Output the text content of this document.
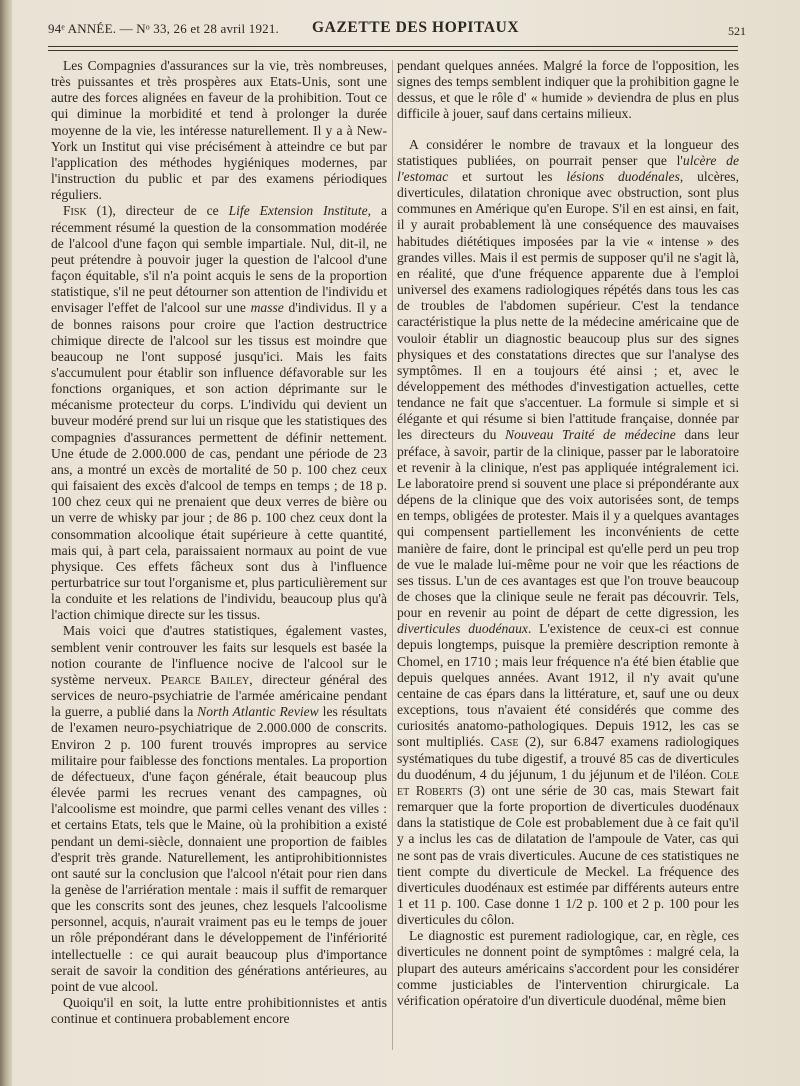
94ᵉ ANNÉE. — Nᵒ 33, 26 et 28 avril 1921. GAZETTE DES HOPITAUX	521

Les Compagnies d'assurances sur la vie, très nombreuses, très puissantes et très prospères aux Etats-Unis, sont une autre des forces alignées en faveur de la prohibition. Tout ce qui diminue la morbidité et tend à prolonger la durée moyenne de la vie, les intéresse naturellement. Il y a à New-York un Institut qui vise précisément à atteindre ce but par l'application des méthodes hygiéniques modernes, par l'instruction du public et par des examens périodiques réguliers.

Fisk (1), directeur de ce Life Extension Institute, a récemment résumé la question de la consommation modérée de l'alcool d'une façon qui semble impartiale. Nul, dit-il, ne peut prétendre à pouvoir juger la question de l'alcool d'une façon équitable, s'il n'a point acquis le sens de la proportion statistique, s'il ne peut détourner son attention de l'individu et envisager l'effet de l'alcool sur une masse d'individus. Il y a de bonnes raisons pour croire que l'action destructrice chimique directe de l'alcool sur les tissus est moindre que beaucoup ne l'ont supposé jusqu'ici. Mais les faits s'accumulent pour établir son influence défavorable sur les fonctions organiques, et son action déprimante sur le mécanisme protecteur du corps. L'individu qui devient un buveur modéré prend sur lui un risque que les statistiques des compagnies d'assurances permettent de définir nettement. Une étude de 2.000.000 de cas, pendant une période de 23 ans, a montré un excès de mortalité de 50 p. 100 chez ceux qui faisaient des excès d'alcool de temps en temps ; de 18 p. 100 chez ceux qui ne prenaient que deux verres de bière ou un verre de whisky par jour ; de 86 p. 100 chez ceux dont la consommation alcoolique était supérieure à cette quantité, mais qui, à part cela, paraissaient normaux au point de vue physique. Ces effets fâcheux sont dus à l'influence perturbatrice sur tout l'organisme et, plus particulièrement sur la conduite et les relations de l'individu, beaucoup plus qu'à l'action chimique directe sur les tissus.

Mais voici que d'autres statistiques, également vastes, semblent venir controuver les faits sur lesquels est basée la notion courante de l'influence nocive de l'alcool sur le système nerveux. Pearce Bailey, directeur général des services de neuro-psychiatrie de l'armée américaine pendant la guerre, a publié dans la North Atlantic Review les résultats de l'examen neuro-psychiatrique de 2.000.000 de conscrits. Environ 2 p. 100 furent trouvés impropres au service militaire pour faiblesse des fonctions mentales. La proportion de défectueux, d'une façon générale, était beaucoup plus élevée parmi les recrues venant des campagnes, où l'alcoolisme est moindre, que parmi celles venant des villes : et certains Etats, tels que le Maine, où la prohibition a existé pendant un demi-siècle, donnaient une proportion de faibles d'esprit très grande. Naturellement, les antiprohibitionnistes ont sauté sur la conclusion que l'alcool n'était pour rien dans la genèse de l'arriération mentale : mais il suffit de remarquer que les conscrits sont des jeunes, chez lesquels l'alcoolisme personnel, acquis, n'aurait vraiment pas eu le temps de jouer un rôle prépondérant dans le développement de l'infériorité intellectuelle : ce qui aurait beaucoup plus d'importance serait de savoir la condition des générations antérieures, au point de vue alcool.

Quoiqu'il en soit, la lutte entre prohibitionnistes et antis continue et continuera probablement encore

pendant quelques années. Malgré la force de l'opposition, les signes des temps semblent indiquer que la prohibition gagne le dessus, et que le rôle d' « humide » deviendra de plus en plus difficile à jouer, sauf dans certains milieux.

A considérer le nombre de travaux et la longueur des statistiques publiées, on pourrait penser que l'ulcère de l'estomac et surtout les lésions duodénales, ulcères, diverticules, dilatation chronique avec obstruction, sont plus communes en Amérique qu'en Europe. S'il en est ainsi, en fait, il y aurait probablement là une conséquence des mauvaises habitudes diététiques imposées par la vie « intense » des grandes villes. Mais il est permis de supposer qu'il ne s'agit là, en réalité, que d'une fréquence apparente due à l'emploi universel des examens radiologiques répétés dans tous les cas de troubles de l'abdomen supérieur. C'est la tendance caractéristique la plus nette de la médecine américaine que de vouloir établir un diagnostic beaucoup plus sur des signes physiques et des constatations directes que sur l'analyse des symptômes. Il en a toujours été ainsi ; et, avec le développement des méthodes d'investigation actuelles, cette tendance ne fait que s'accentuer. La formule si simple et si élégante et qui résume si bien l'attitude française, donnée par les directeurs du Nouveau Traité de médecine dans leur préface, à savoir, partir de la clinique, passer par le laboratoire et revenir à la clinique, n'est pas appliquée intégralement ici. Le laboratoire prend si souvent une place si prépondérante aux dépens de la clinique que des voix autorisées sont, de temps en temps, obligées de protester. Mais il y a quelques avantages qui compensent partiellement les inconvénients de cette manière de faire, dont le principal est qu'elle perd un peu trop de vue le malade lui-même pour ne voir que les réactions de ses tissus. L'un de ces avantages est que l'on trouve beaucoup de choses que la clinique seule ne ferait pas découvrir. Tels, pour en revenir au point de départ de cette digression, les diverticules duodénaux. L'existence de ceux-ci est connue depuis longtemps, puisque la première description remonte à Chomel, en 1710 ; mais leur fréquence n'a été bien établie que depuis quelques années. Avant 1912, il n'y avait qu'une centaine de cas épars dans la littérature, et, sauf une ou deux exceptions, tous n'avaient été considérés que comme des curiosités anatomo-pathologiques. Depuis 1912, les cas se sont multipliés. Case (2), sur 6.847 examens radiologiques systématiques du tube digestif, a trouvé 85 cas de diverticules du duodénum, 4 du jéjunum, 1 du jéjunum et de l'iléon. Cole et Roberts (3) ont une série de 30 cas, mais Stewart fait remarquer que la forte proportion de diverticules duodénaux dans la statistique de Cole est probablement due à ce fait qu'il y a inclus les cas de dilatation de l'ampoule de Vater, cas qui ne sont pas de vrais diverticules. Aucune de ces statistiques ne tient compte du diverticule de Meckel. La fréquence des diverticules duodénaux est estimée par différents auteurs entre 1 et 11 p. 100. Case donne 1 1/2 p. 100 et 2 p. 100 pour les diverticules du côlon.

Le diagnostic est purement radiologique, car, en règle, ces diverticules ne donnent point de symptômes : malgré cela, la plupart des auteurs américains s'accordent pour les considérer comme justiciables de l'intervention chirurgicale. La vérification opératoire d'un diverticule duodénal, même bien
